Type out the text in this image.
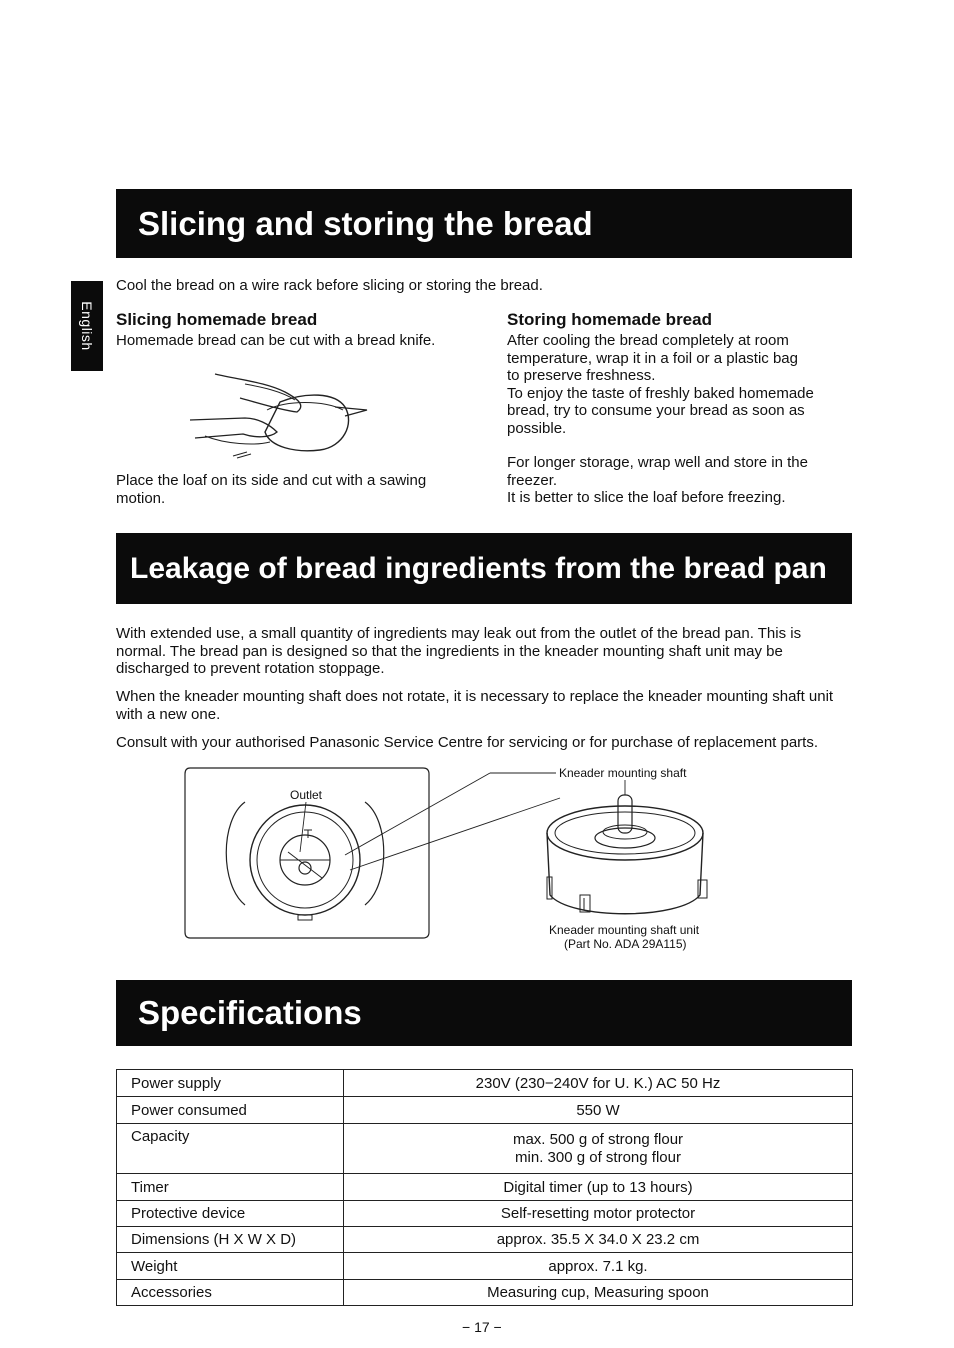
English
Slicing and storing the bread

Cool the bread on a wire rack before slicing or storing the bread.

Slicing homemade bread

Homemade bread can be cut with a bread knife.

Place the loaf on its side and cut with a sawing

motion.

Storing homemade bread

After cooling the bread completely at room

temperature, wrap it in a foil or a plastic bag

to preserve freshness.

To enjoy the taste of freshly baked homemade

bread, try to consume your bread as soon as

possible.

For longer storage, wrap well and store in the

freezer.

It is better to slice the loaf before freezing.

Leakage of bread ingredients from the bread pan

With extended use, a small quantity of ingredients may leak out from the outlet of the bread pan. This is

normal. The bread pan is designed so that the ingredients in the kneader mounting shaft unit may be

discharged to prevent rotation stoppage.

When the kneader mounting shaft does not rotate, it is necessary to replace the kneader mounting shaft unit

with a new one.

Consult with your authorised Panasonic Service Centre for servicing or for purchase of replacement parts.

Outlet
Kneader mounting shaft
Kneader mounting shaft unit
(Part No. ADA 29A115)
Specifications
Power supply	230V (230−240V for U. K.) AC 50 Hz
Power consumed	550 W
Capacity	max. 500 g of strong flour
min. 300 g of strong flour

Timer	Digital timer (up to 13 hours)
Protective device	Self-resetting motor protector
Dimensions (H X W X D)	approx. 35.5 X 34.0 X 23.2 cm
Weight	approx. 7.1 kg.
Accessories	Measuring cup, Measuring spoon
− 17 −
